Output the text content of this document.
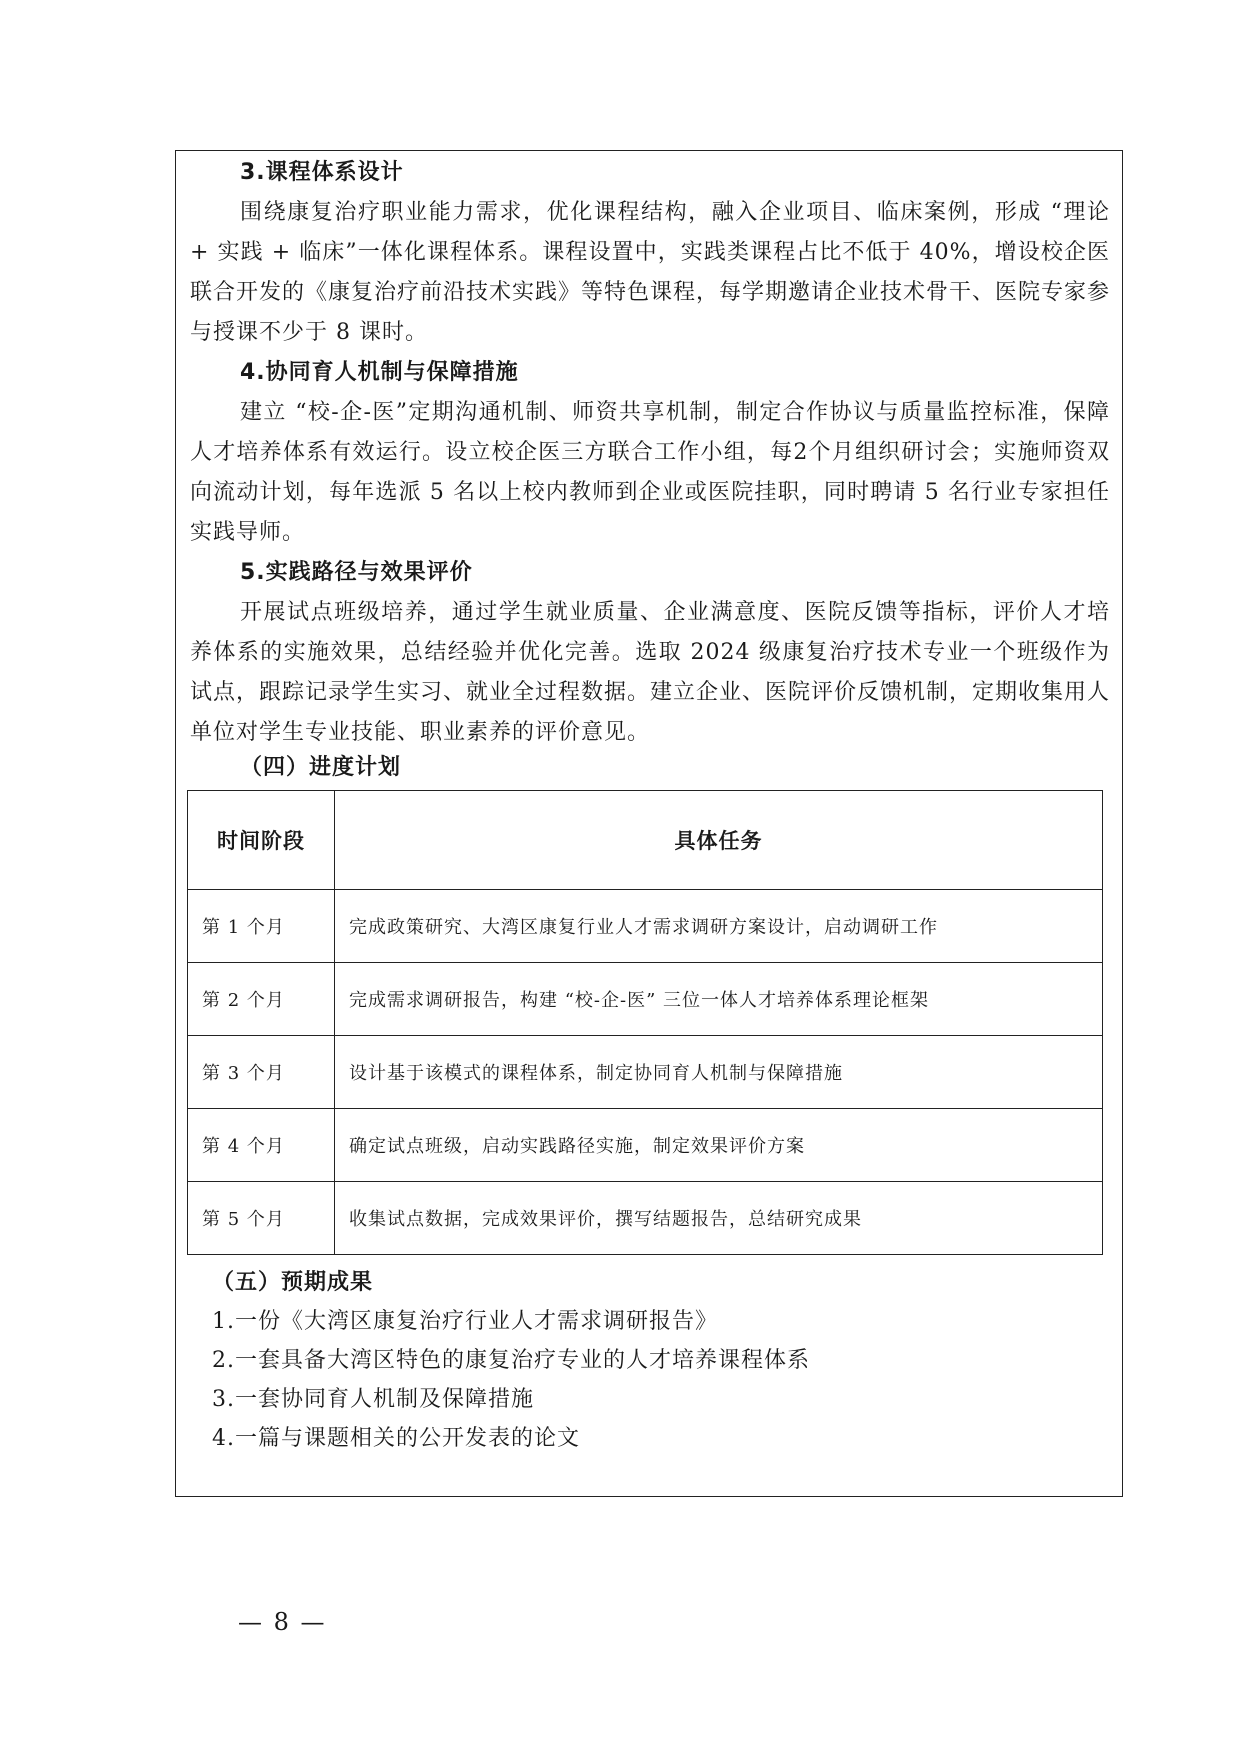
3.课程体系设计

围绕康复治疗职业能力需求，优化课程结构，融入企业项目、临床案例，形成 “理论 + 实践 + 临床”一体化课程体系。课程设置中，实践类课程占比不低于 40%，增设校企医联合开发的《康复治疗前沿技术实践》等特色课程，每学期邀请企业技术骨干、医院专家参与授课不少于 8 课时。

4.协同育人机制与保障措施

建立 “校-企-医”定期沟通机制、师资共享机制，制定合作协议与质量监控标准，保障人才培养体系有效运行。设立校企医三方联合工作小组，每2个月组织研讨会；实施师资双向流动计划，每年选派 5 名以上校内教师到企业或医院挂职，同时聘请 5 名行业专家担任实践导师。

5.实践路径与效果评价

开展试点班级培养，通过学生就业质量、企业满意度、医院反馈等指标，评价人才培养体系的实施效果，总结经验并优化完善。选取 2024 级康复治疗技术专业一个班级作为试点，跟踪记录学生实习、就业全过程数据。建立企业、医院评价反馈机制，定期收集用人单位对学生专业技能、职业素养的评价意见。

（四）进度计划
时间阶段	具体任务
第 1 个月	完成政策研究、大湾区康复行业人才需求调研方案设计，启动调研工作
第 2 个月	完成需求调研报告，构建 “校-企-医” 三位一体人才培养体系理论框架
第 3 个月	设计基于该模式的课程体系，制定协同育人机制与保障措施
第 4 个月	确定试点班级，启动实践路径实施，制定效果评价方案
第 5 个月	收集试点数据，完成效果评价，撰写结题报告，总结研究成果
（五）预期成果
1.一份《大湾区康复治疗行业人才需求调研报告》
2.一套具备大湾区特色的康复治疗专业的人才培养课程体系
3.一套协同育人机制及保障措施
4.一篇与课题相关的公开发表的论文
— 8 —
